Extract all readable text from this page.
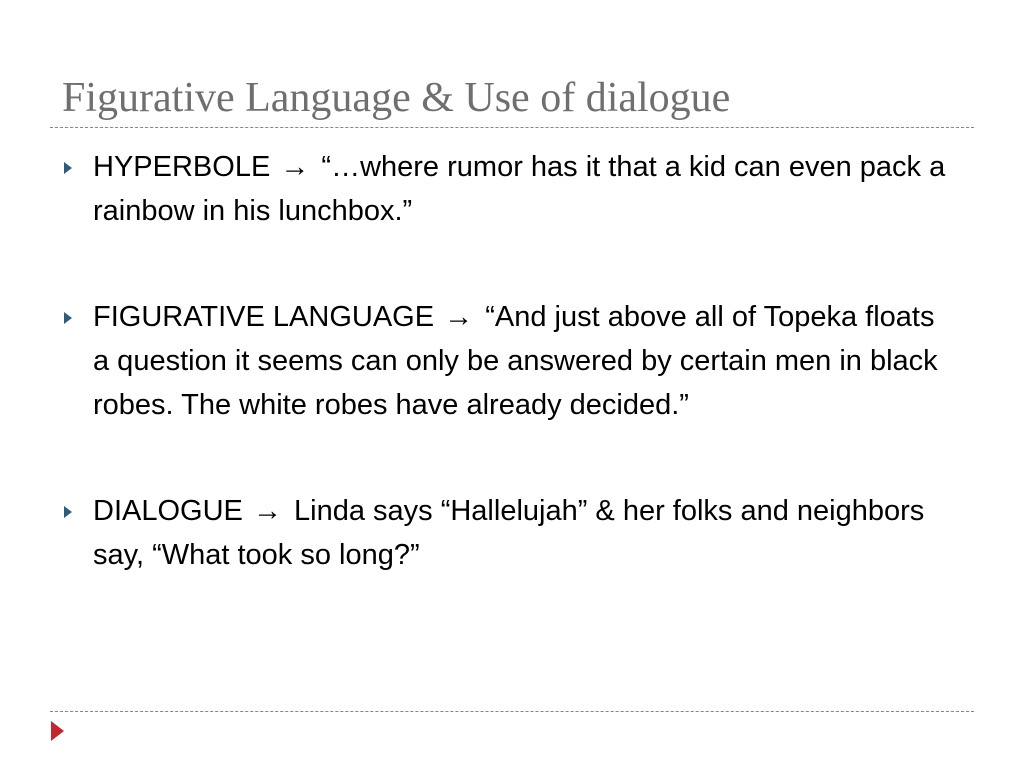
Figurative Language & Use of dialogue
HYPERBOLE → “…where rumor has it that a kid can even pack a rainbow in his lunchbox.”
FIGURATIVE LANGUAGE → “And just above all of Topeka floats a question it seems can only be answered by certain men in black robes. The white robes have already decided.”
DIALOGUE → Linda says “Hallelujah” & her folks and neighbors say, “What took so long?”
